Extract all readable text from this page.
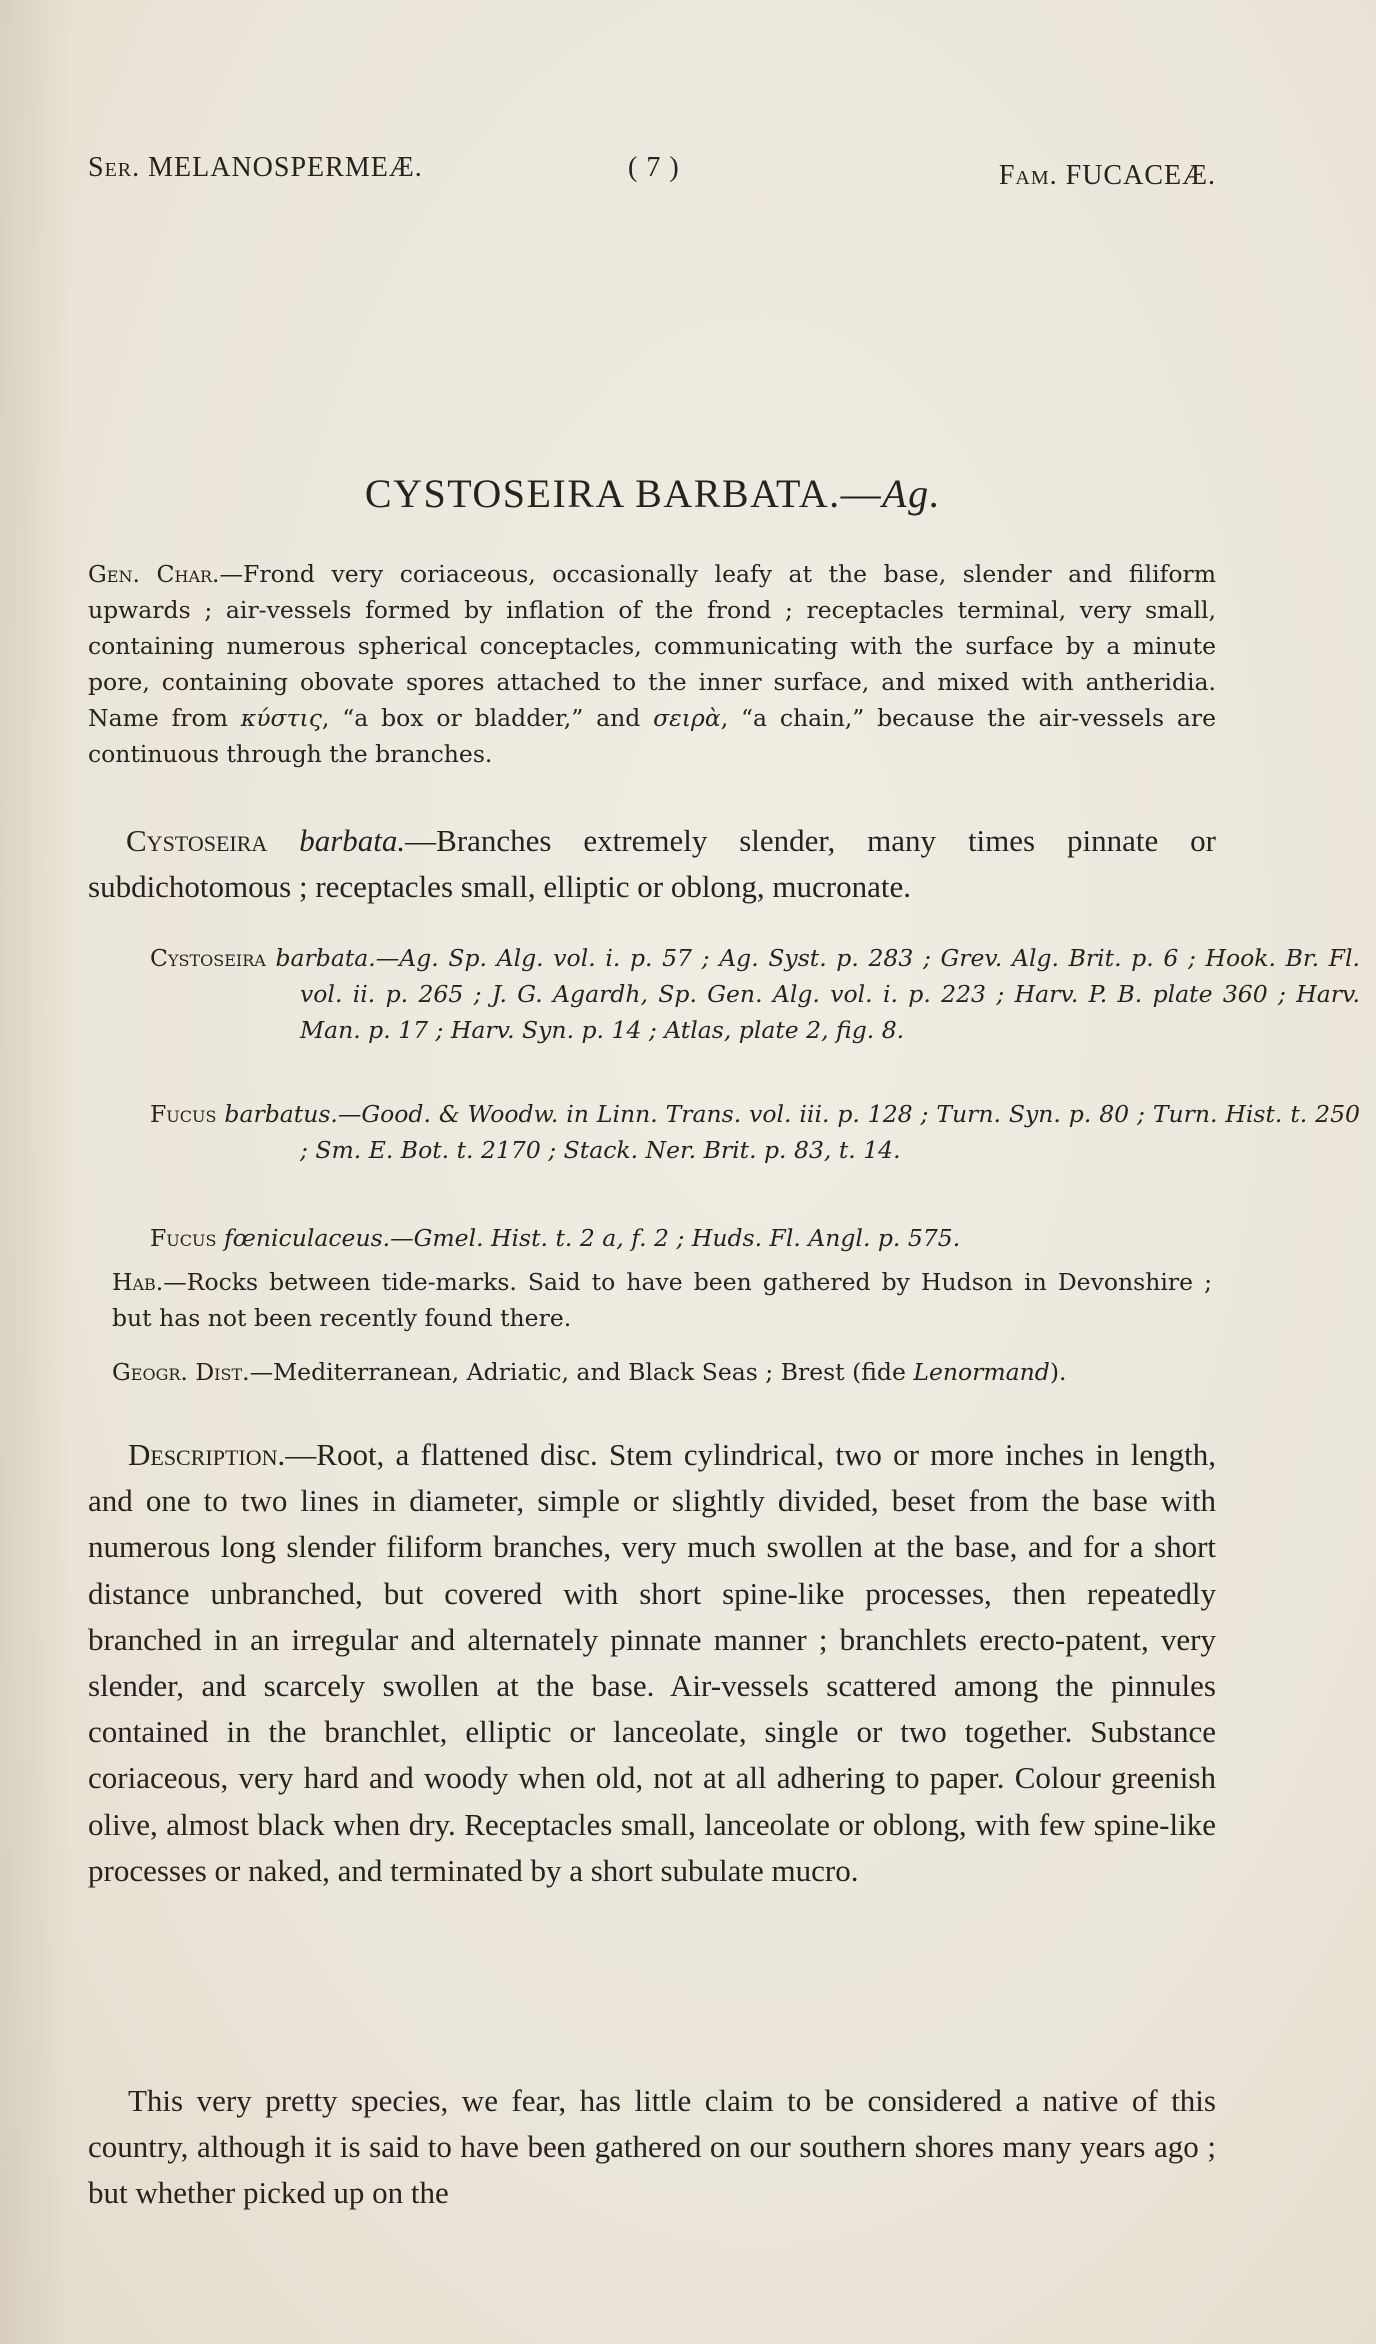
Ser. MELANOSPERMEÆ.	( 7 )	Fam. FUCACEÆ.
CYSTOSEIRA BARBATA.—Ag.
Gen. Char.—Frond very coriaceous, occasionally leafy at the base, slender and filiform upwards ; air-vessels formed by inflation of the frond ; receptacles terminal, very small, containing numerous spherical conceptacles, communicating with the surface by a minute pore, containing obovate spores attached to the inner surface, and mixed with antheridia. Name from κύστις, “a box or bladder,” and σειρὰ, “a chain,” because the air-vessels are continuous through the branches.
Cystoseira barbata.—Branches extremely slender, many times pinnate or subdichotomous ; receptacles small, elliptic or oblong, mucronate.
Cystoseira barbata.—Ag. Sp. Alg. vol. i. p. 57 ; Ag. Syst. p. 283 ; Grev. Alg. Brit. p. 6 ; Hook. Br. Fl. vol. ii. p. 265 ; J. G. Agardh, Sp. Gen. Alg. vol. i. p. 223 ; Harv. P. B. plate 360 ; Harv. Man. p. 17 ; Harv. Syn. p. 14 ; Atlas, plate 2, fig. 8.
Fucus barbatus.—Good. & Woodw. in Linn. Trans. vol. iii. p. 128 ; Turn. Syn. p. 80 ; Turn. Hist. t. 250 ; Sm. E. Bot. t. 2170 ; Stack. Ner. Brit. p. 83, t. 14.
Fucus fœniculaceus.—Gmel. Hist. t. 2 a, f. 2 ; Huds. Fl. Angl. p. 575.
Hab.—Rocks between tide-marks. Said to have been gathered by Hudson in Devonshire ; but has not been recently found there.
Geogr. Dist.—Mediterranean, Adriatic, and Black Seas ; Brest (fide Lenormand).
Description.—Root, a flattened disc. Stem cylindrical, two or more inches in length, and one to two lines in diameter, simple or slightly divided, beset from the base with numerous long slender filiform branches, very much swollen at the base, and for a short distance unbranched, but covered with short spine-like processes, then repeatedly branched in an irregular and alternately pinnate manner ; branchlets erecto-patent, very slender, and scarcely swollen at the base. Air-vessels scattered among the pinnules contained in the branchlet, elliptic or lanceolate, single or two together. Substance coriaceous, very hard and woody when old, not at all adhering to paper. Colour greenish olive, almost black when dry. Receptacles small, lanceolate or oblong, with few spine-like processes or naked, and terminated by a short subulate mucro.
This very pretty species, we fear, has little claim to be considered a native of this country, although it is said to have been gathered on our southern shores many years ago ; but whether picked up on the
